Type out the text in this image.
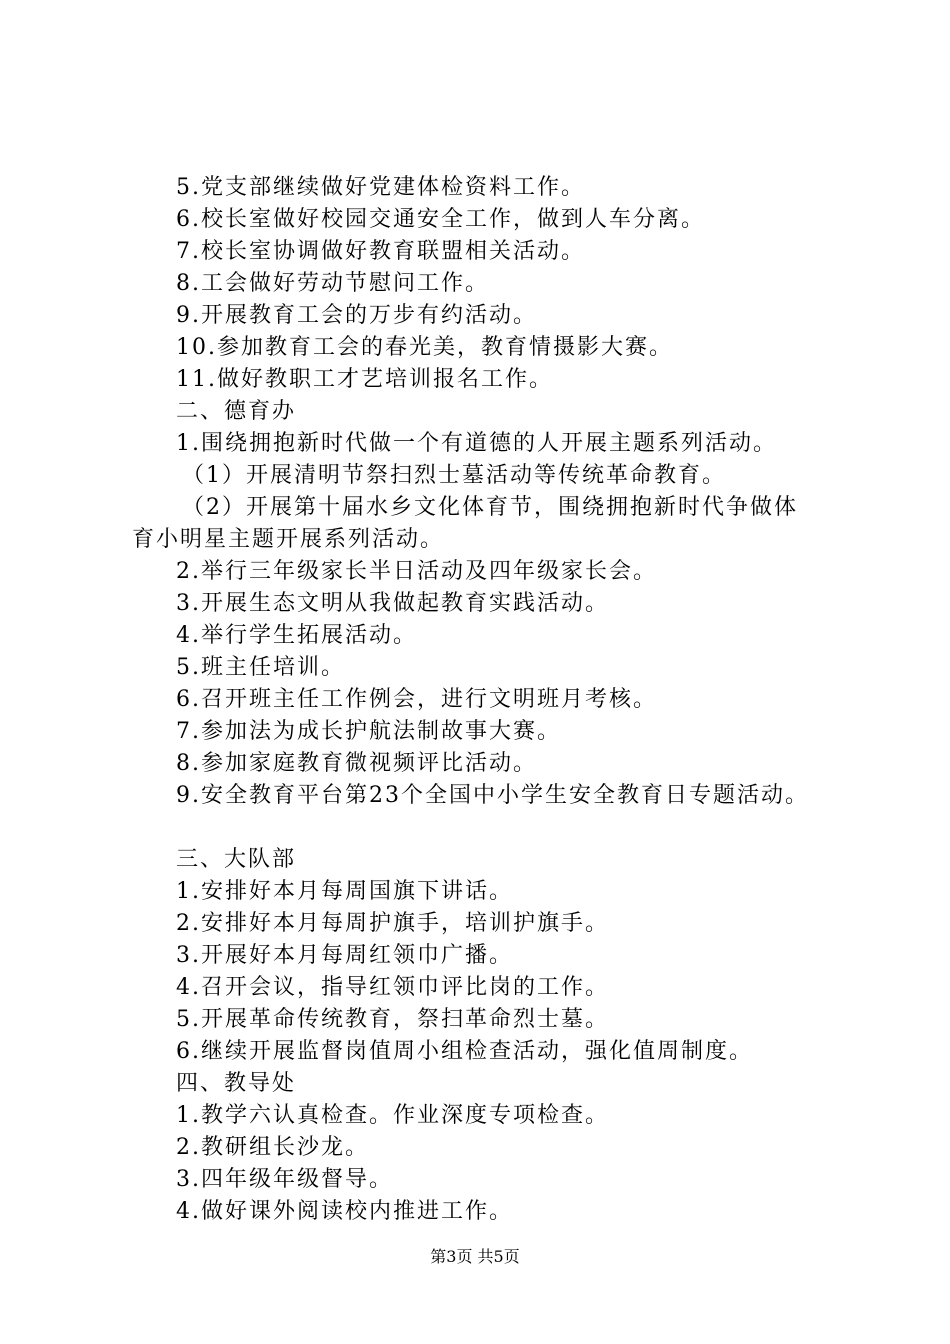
5.党支部继续做好党建体检资料工作。
6.校长室做好校园交通安全工作，做到人车分离。
7.校长室协调做好教育联盟相关活动。
8.工会做好劳动节慰问工作。
9.开展教育工会的万步有约活动。
10.参加教育工会的春光美，教育情摄影大赛。
11.做好教职工才艺培训报名工作。
二、德育办
1.围绕拥抱新时代做一个有道德的人开展主题系列活动。
（1）开展清明节祭扫烈士墓活动等传统革命教育。
（2）开展第十届水乡文化体育节，围绕拥抱新时代争做体
育小明星主题开展系列活动。
2.举行三年级家长半日活动及四年级家长会。
3.开展生态文明从我做起教育实践活动。
4.举行学生拓展活动。
5.班主任培训。
6.召开班主任工作例会，进行文明班月考核。
7.参加法为成长护航法制故事大赛。
8.参加家庭教育微视频评比活动。
9.安全教育平台第23个全国中小学生安全教育日专题活动。
三、大队部
1.安排好本月每周国旗下讲话。
2.安排好本月每周护旗手，培训护旗手。
3.开展好本月每周红领巾广播。
4.召开会议，指导红领巾评比岗的工作。
5.开展革命传统教育，祭扫革命烈士墓。
6.继续开展监督岗值周小组检查活动，强化值周制度。
四、教导处
1.教学六认真检查。作业深度专项检查。
2.教研组长沙龙。
3.四年级年级督导。
4.做好课外阅读校内推进工作。
第3页 共5页
